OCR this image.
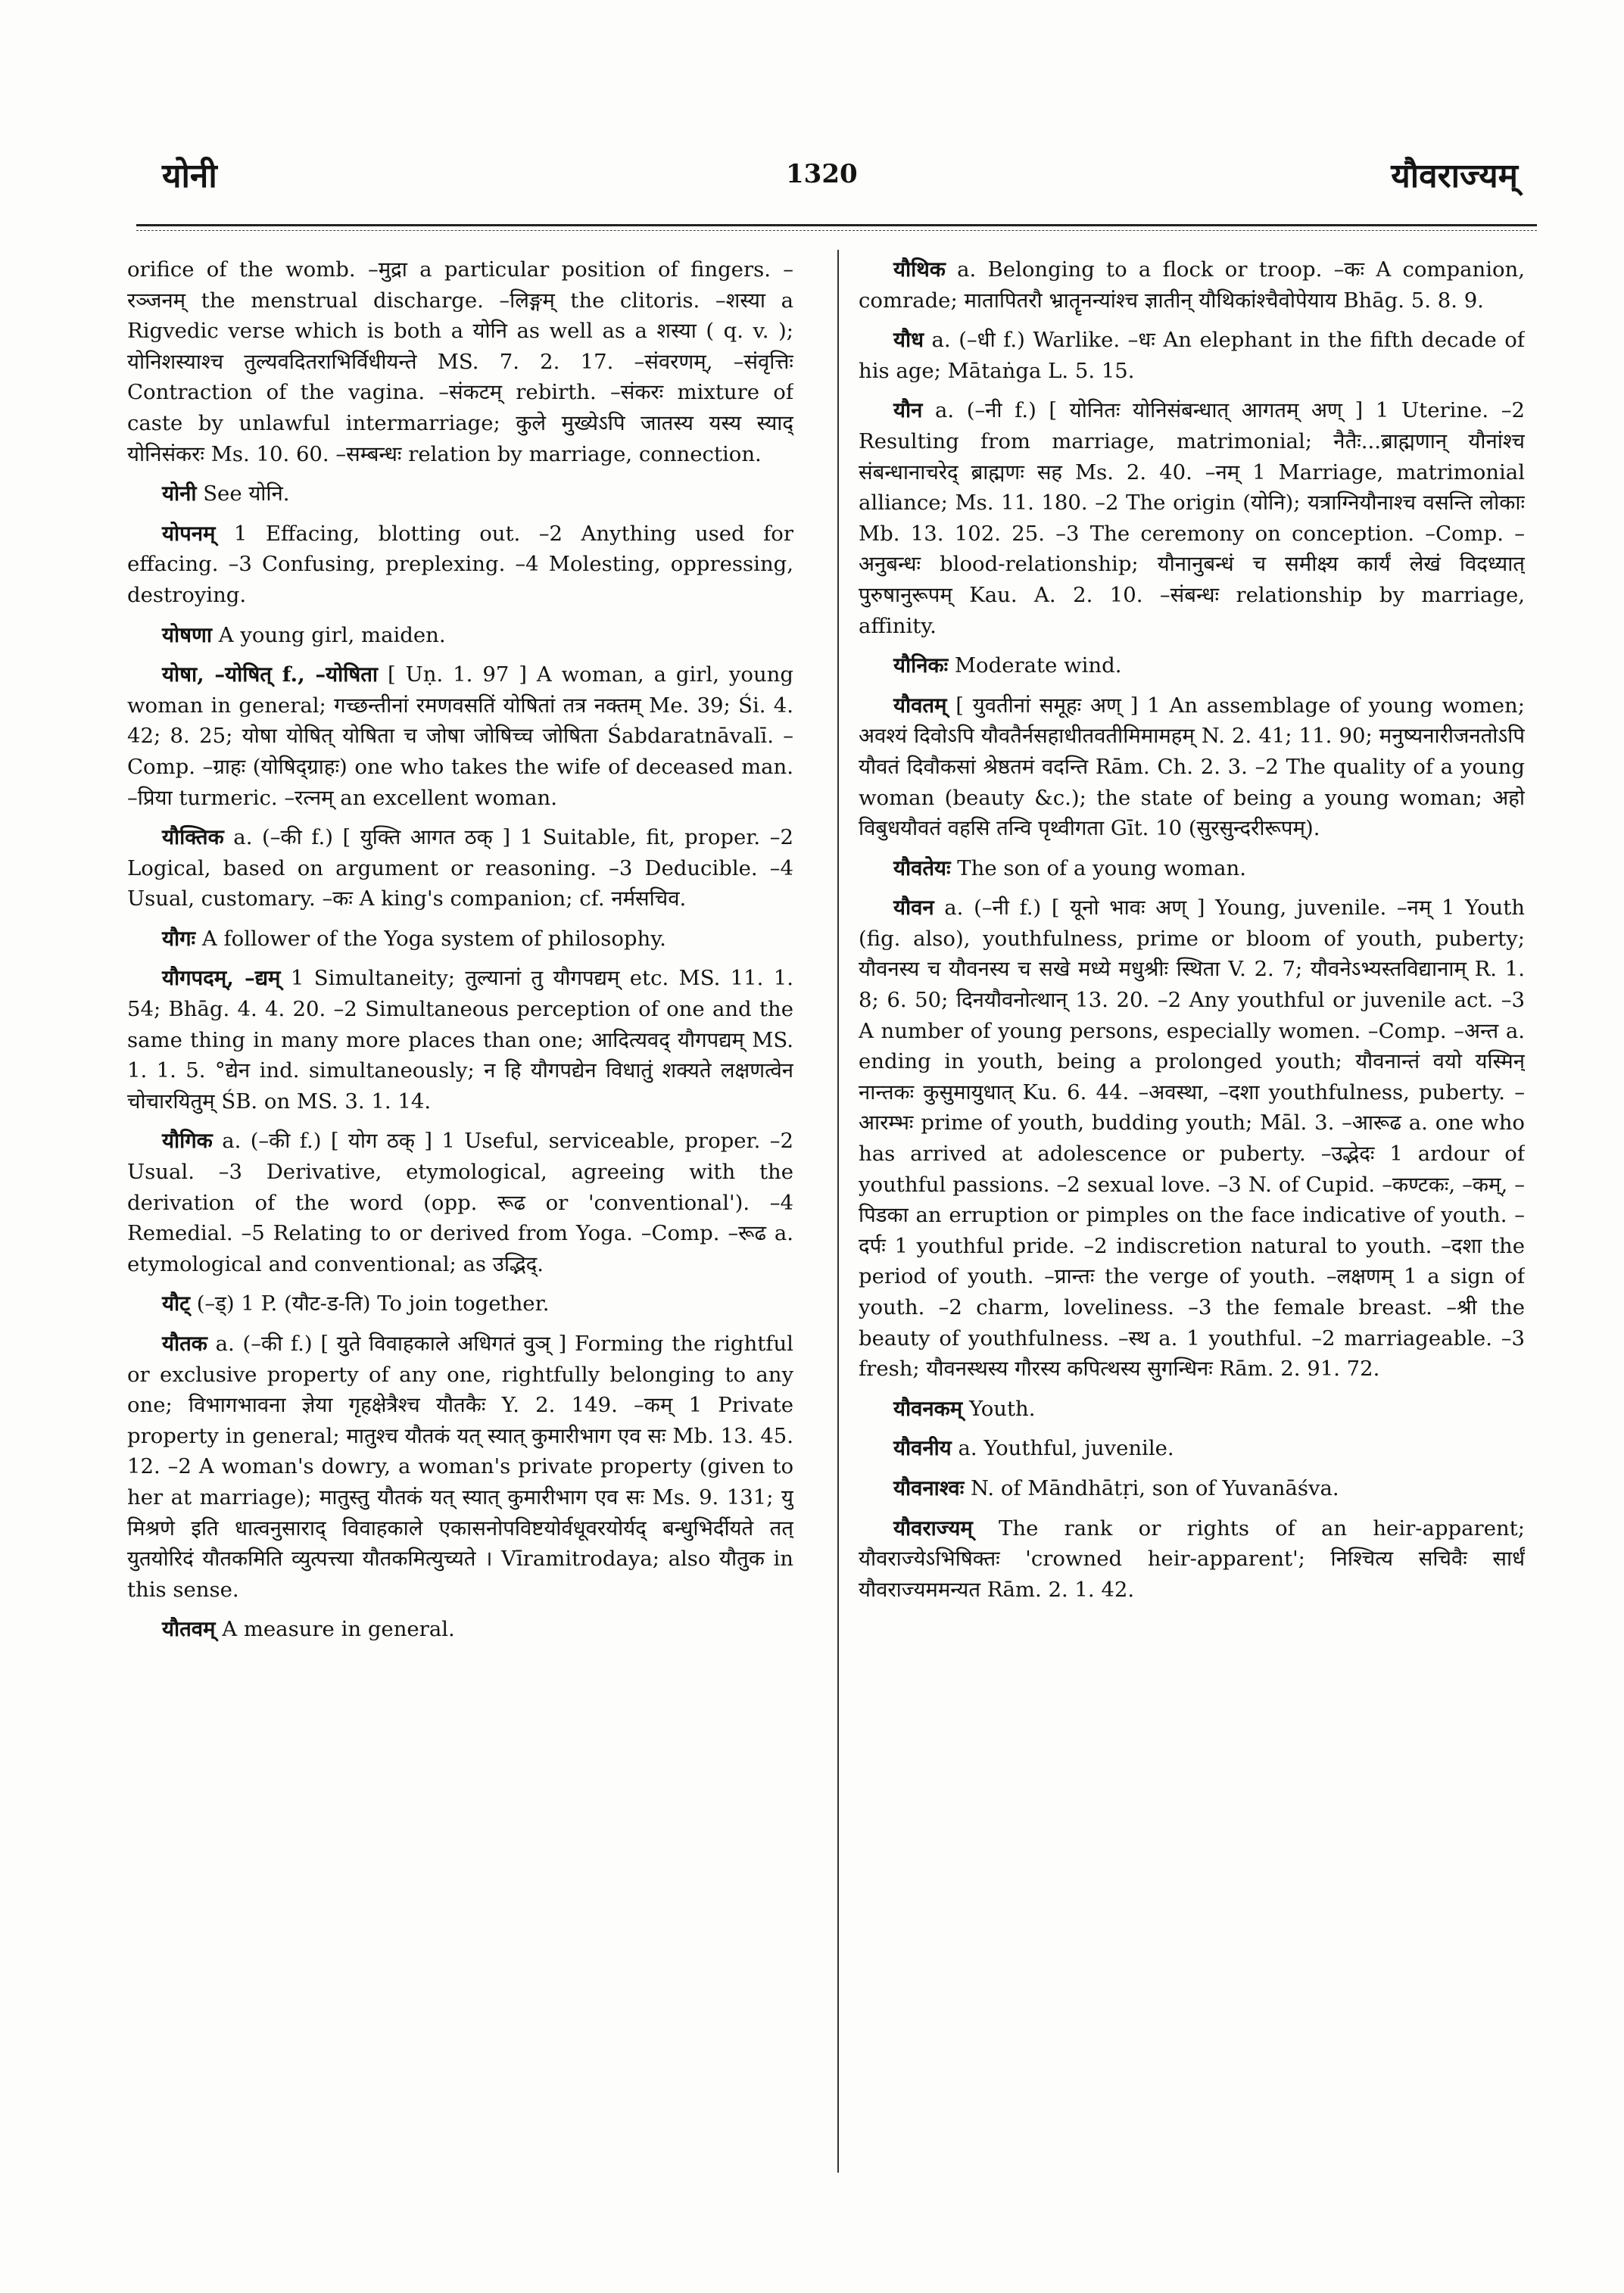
योनी	1320	यौवराज्यम्

orifice of the womb. –मुद्रा a particular position of fingers. –रञ्जनम् the menstrual discharge. –लिङ्गम् the clitoris. –शस्या a Rigvedic verse which is both a योनि as well as a शस्या ( q. v. ); योनिशस्याश्च तुल्यवदितराभिर्विधीयन्ते MS. 7. 2. 17. –संवरणम्, –संवृत्तिः Contraction of the vagina. –संकटम् rebirth. –संकरः mixture of caste by unlawful intermarriage; कुले मुख्येऽपि जातस्य यस्य स्याद् योनिसंकरः Ms. 10. 60. –सम्बन्धः relation by marriage, connection.

योनी See योनि.

योपनम् 1 Effacing, blotting out. –2 Anything used for effacing. –3 Confusing, preplexing. –4 Molesting, oppressing, destroying.

योषणा A young girl, maiden.

योषा, –योषित् f., –योषिता [ Uṇ. 1. 97 ] A woman, a girl, young woman in general; गच्छन्तीनां रमणवसतिं योषितां तत्र नक्तम् Me. 39; Śi. 4. 42; 8. 25; योषा योषित् योषिता च जोषा जोषिच्च जोषिता Śabdaratnāvalī. –Comp. –ग्राहः (योषिद्ग्राहः) one who takes the wife of deceased man. –प्रिया turmeric. –रत्नम् an excellent woman.

यौक्तिक a. (–की f.) [ युक्ति आगत ठक् ] 1 Suitable, fit, proper. –2 Logical, based on argument or reasoning. –3 Deducible. –4 Usual, customary. –कः A king's companion; cf. नर्मसचिव.

यौगः A follower of the Yoga system of philosophy.

यौगपदम्, –द्यम् 1 Simultaneity; तुल्यानां तु यौगपद्यम् etc. MS. 11. 1. 54; Bhāg. 4. 4. 20. –2 Simultaneous perception of one and the same thing in many more places than one; आदित्यवद् यौगपद्यम् MS. 1. 1. 5. °द्येन ind. simultaneously; न हि यौगपद्येन विधातुं शक्यते लक्षणत्वेन चोचारयितुम् ŚB. on MS. 3. 1. 14.

यौगिक a. (–की f.) [ योग ठक् ] 1 Useful, serviceable, proper. –2 Usual. –3 Derivative, etymological, agreeing with the derivation of the word (opp. रूढ or 'conventional'). –4 Remedial. –5 Relating to or derived from Yoga. –Comp. –रूढ a. etymological and conventional; as उद्भिद्.

यौट् (–ड्) 1 P. (यौट-ड-ति) To join together.

यौतक a. (–की f.) [ युते विवाहकाले अधिगतं वुञ् ] Forming the rightful or exclusive property of any one, rightfully belonging to any one; विभागभावना ज्ञेया गृहक्षेत्रैश्च यौतकैः Y. 2. 149. –कम् 1 Private property in general; मातुश्च यौतकं यत् स्यात् कुमारीभाग एव सः Mb. 13. 45. 12. –2 A woman's dowry, a woman's private property (given to her at marriage); मातुस्तु यौतकं यत् स्यात् कुमारीभाग एव सः Ms. 9. 131; यु मिश्रणे इति धात्वनुसाराद् विवाहकाले एकासनोपविष्टयोर्वधूवरयोर्यद् बन्धुभिर्दीयते तत् युतयोरिदं यौतकमिति व्युत्पत्त्या यौतकमित्युच्यते । Vīramitrodaya; also यौतुक in this sense.

यौतवम् A measure in general.

यौथिक a. Belonging to a flock or troop. –कः A companion, comrade; मातापितरौ भ्रातॄनन्यांश्च ज्ञातीन् यौथिकांश्चैवोपेयाय Bhāg. 5. 8. 9.

यौध a. (–धी f.) Warlike. –धः An elephant in the fifth decade of his age; Mātaṅga L. 5. 15.

यौन a. (–नी f.) [ योनितः योनिसंबन्धात् आगतम् अण् ] 1 Uterine. –2 Resulting from marriage, matrimonial; नैतैः...ब्राह्मणान् यौनांश्च संबन्धानाचरेद् ब्राह्मणः सह Ms. 2. 40. –नम् 1 Marriage, matrimonial alliance; Ms. 11. 180. –2 The origin (योनि); यत्राग्नियौनाश्च वसन्ति लोकाः Mb. 13. 102. 25. –3 The ceremony on conception. –Comp. –अनुबन्धः blood-relationship; यौनानुबन्धं च समीक्ष्य कार्यं लेखं विदध्यात् पुरुषानुरूपम् Kau. A. 2. 10. –संबन्धः relationship by marriage, affinity.

यौनिकः Moderate wind.

यौवतम् [ युवतीनां समूहः अण् ] 1 An assemblage of young women; अवश्यं दिवोऽपि यौवतैर्नसहाधीतवतीमिमामहम् N. 2. 41; 11. 90; मनुष्यनारीजनतोऽपि यौवतं दिवौकसां श्रेष्ठतमं वदन्ति Rām. Ch. 2. 3. –2 The quality of a young woman (beauty &c.); the state of being a young woman; अहो विबुधयौवतं वहसि तन्वि पृथ्वीगता Gīt. 10 (सुरसुन्दरीरूपम्).

यौवतेयः The son of a young woman.

यौवन a. (–नी f.) [ यूनो भावः अण् ] Young, juvenile. –नम् 1 Youth (fig. also), youthfulness, prime or bloom of youth, puberty; यौवनस्य च यौवनस्य च सखे मध्ये मधुश्रीः स्थिता V. 2. 7; यौवनेऽभ्यस्तविद्यानाम् R. 1. 8; 6. 50; दिनयौवनोत्थान् 13. 20. –2 Any youthful or juvenile act. –3 A number of young persons, especially women. –Comp. –अन्त a. ending in youth, being a prolonged youth; यौवनान्तं वयो यस्मिन् नान्तकः कुसुमायुधात् Ku. 6. 44. –अवस्था, –दशा youthfulness, puberty. –आरम्भः prime of youth, budding youth; Māl. 3. –आरूढ a. one who has arrived at adolescence or puberty. –उद्भेदः 1 ardour of youthful passions. –2 sexual love. –3 N. of Cupid. –कण्टकः, –कम्, –पिडका an erruption or pimples on the face indicative of youth. –दर्पः 1 youthful pride. –2 indiscretion natural to youth. –दशा the period of youth. –प्रान्तः the verge of youth. –लक्षणम् 1 a sign of youth. –2 charm, loveliness. –3 the female breast. –श्री the beauty of youthfulness. –स्थ a. 1 youthful. –2 marriageable. –3 fresh; यौवनस्थस्य गौरस्य कपित्थस्य सुगन्धिनः Rām. 2. 91. 72.

यौवनकम् Youth.

यौवनीय a. Youthful, juvenile.

यौवनाश्वः N. of Māndhātṛi, son of Yuvanāśva.

यौवराज्यम् The rank or rights of an heir-apparent; यौवराज्येऽभिषिक्तः 'crowned heir-apparent'; निश्चित्य सचिवैः सार्धं यौवराज्यममन्यत Rām. 2. 1. 42.
